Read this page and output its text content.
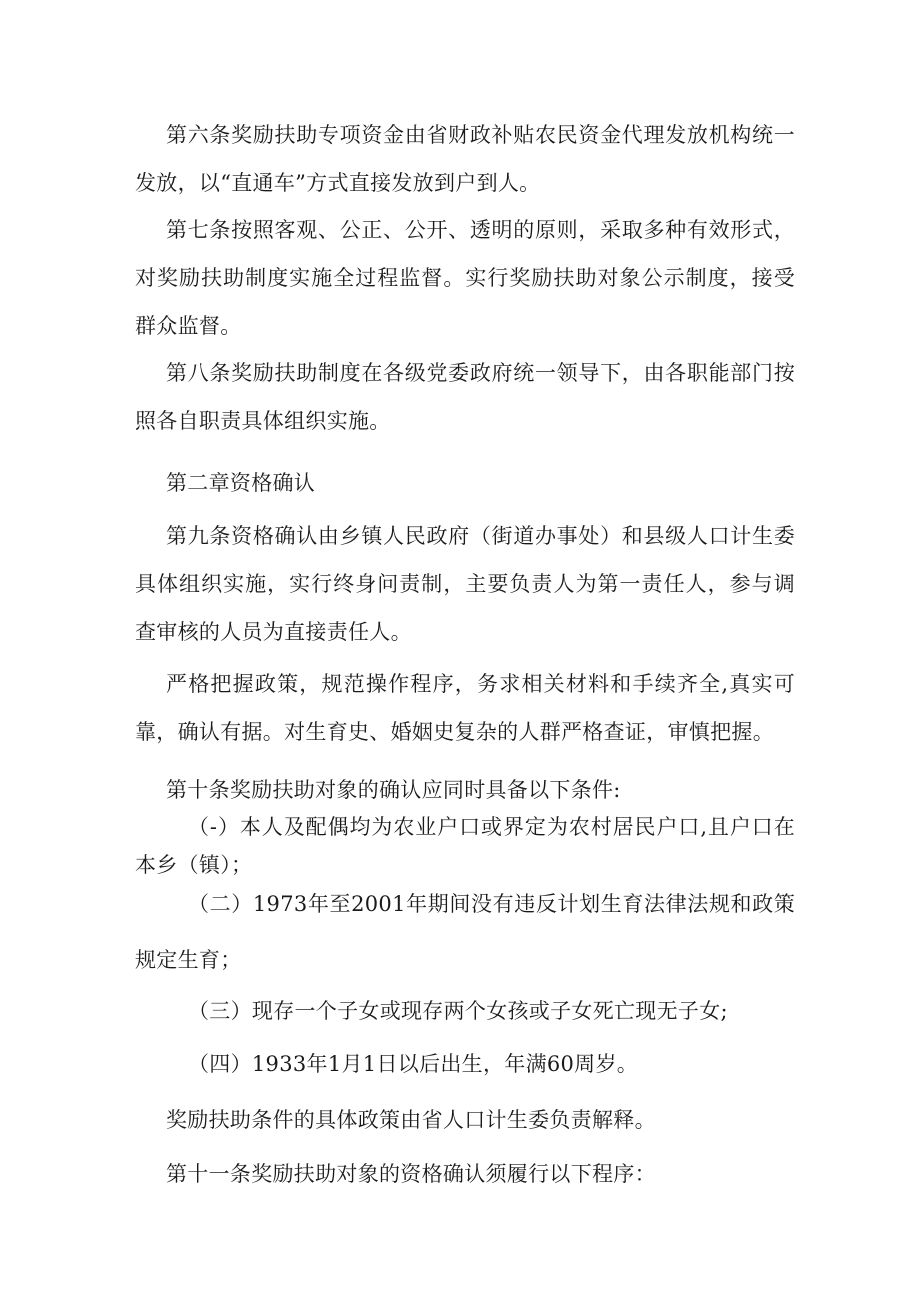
第六条奖励扶助专项资金由省财政补贴农民资金代理发放机构统一发放，以“直通车”方式直接发放到户到人。

第七条按照客观、公正、公开、透明的原则，采取多种有效形式，对奖励扶助制度实施全过程监督。实行奖励扶助对象公示制度，接受群众监督。

第八条奖励扶助制度在各级党委政府统一领导下，由各职能部门按照各自职责具体组织实施。

第二章资格确认

第九条资格确认由乡镇人民政府（街道办事处）和县级人口计生委具体组织实施，实行终身问责制，主要负责人为第一责任人，参与调查审核的人员为直接责任人。

严格把握政策，规范操作程序，务求相关材料和手续齐全,真实可靠，确认有据。对生育史、婚姻史复杂的人群严格查证，审慎把握。

第十条奖励扶助对象的确认应同时具备以下条件:

（-）本人及配偶均为农业户口或界定为农村居民户口,且户口在本乡（镇）；

（二）1973年至2001年期间没有违反计划生育法律法规和政策规定生育；

（三）现存一个子女或现存两个女孩或子女死亡现无子女;

（四）1933年1月1日以后出生，年满60周岁。

奖励扶助条件的具体政策由省人口计生委负责解释。

第十一条奖励扶助对象的资格确认须履行以下程序：
